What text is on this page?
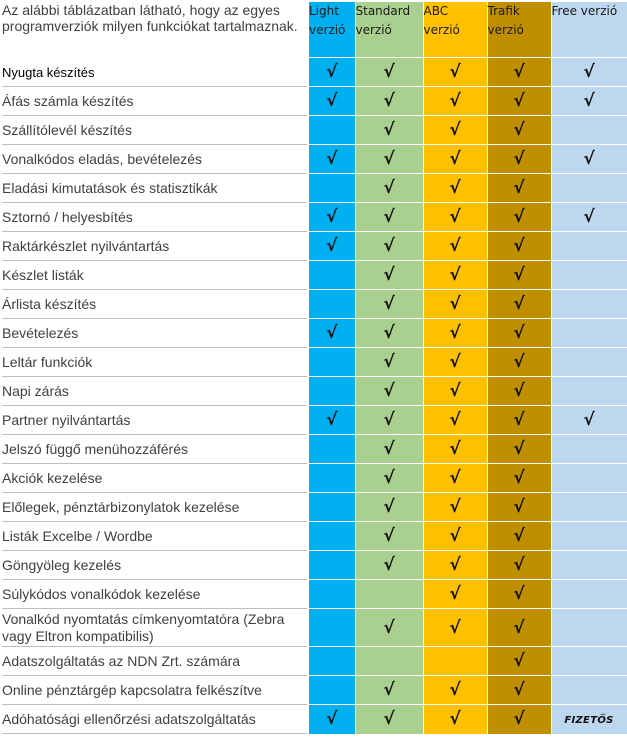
Az alábbi táblázatban látható, hogy az egyes programverziók milyen funkciókat tartalmaznak.	Light verzió	Standard verzió	ABC verzió	Trafik verzió	Free verzió
Nyugta készítés	√	√	√	√	√
Áfás számla készítés	√	√	√	√	√
Szállítólevél készítés		√	√	√	
Vonalkódos eladás, bevételezés	√	√	√	√	√
Eladási kimutatások és statisztikák		√	√	√	
Sztornó / helyesbítés	√	√	√	√	√
Raktárkészlet nyilvántartás	√	√	√	√	
Készlet listák		√	√	√	
Árlista készítés		√	√	√	
Bevételezés	√	√	√	√	
Leltár funkciók		√	√	√	
Napi zárás		√	√	√	
Partner nyilvántartás	√	√	√	√	√
Jelszó függő menühozzáférés		√	√	√	
Akciók kezelése		√	√	√	
Előlegek, pénztárbizonylatok kezelése		√	√	√	
Listák Excelbe / Wordbe		√	√	√	
Göngyöleg kezelés		√	√	√	
Súlykódos vonalkódok kezelése			√	√	
Vonalkód nyomtatás címkenyomtatóra (Zebra vagy Eltron kompatibilis)		√	√	√	
Adatszolgáltatás az NDN Zrt. számára				√	
Online pénztárgép kapcsolatra felkészítve		√	√	√	
Adóhatósági ellenőrzési adatszolgáltatás	√	√	√	√	FIZETŐS
